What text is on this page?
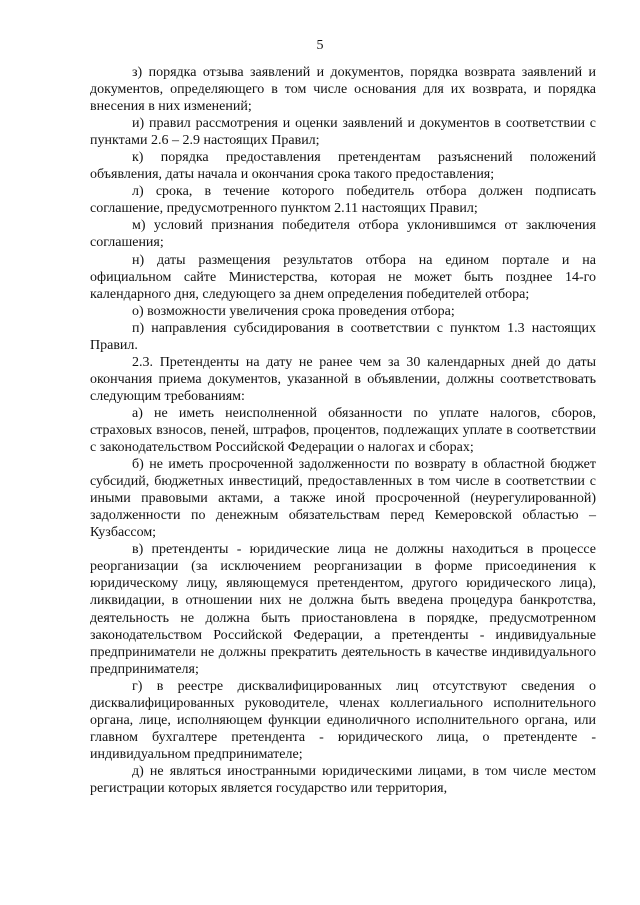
5

з) порядка отзыва заявлений и документов, порядка возврата заявлений и документов, определяющего в том числе основания для их возврата, и порядка внесения в них изменений;

и) правил рассмотрения и оценки заявлений и документов в соответствии с пунктами 2.6 – 2.9 настоящих Правил;

к) порядка предоставления претендентам разъяснений положений объявления, даты начала и окончания срока такого предоставления;

л) срока, в течение которого победитель отбора должен подписать соглашение, предусмотренного пунктом 2.11 настоящих Правил;

м) условий признания победителя отбора уклонившимся от заключения соглашения;

н) даты размещения результатов отбора на едином портале и на официальном сайте Министерства, которая не может быть позднее 14-го календарного дня, следующего за днем определения победителей отбора;

о) возможности увеличения срока проведения отбора;

п) направления субсидирования в соответствии с пунктом 1.3 настоящих Правил.

2.3. Претенденты на дату не ранее чем за 30 календарных дней до даты окончания приема документов, указанной в объявлении, должны соответствовать следующим требованиям:

а) не иметь неисполненной обязанности по уплате налогов, сборов, страховых взносов, пеней, штрафов, процентов, подлежащих уплате в соответствии с законодательством Российской Федерации о налогах и сборах;

б) не иметь просроченной задолженности по возврату в областной бюджет субсидий, бюджетных инвестиций, предоставленных в том числе в соответствии с иными правовыми актами, а также иной просроченной (неурегулированной) задолженности по денежным обязательствам перед Кемеровской областью – Кузбассом;

в) претенденты - юридические лица не должны находиться в процессе реорганизации (за исключением реорганизации в форме присоединения к юридическому лицу, являющемуся претендентом, другого юридического лица), ликвидации, в отношении них не должна быть введена процедура банкротства, деятельность не должна быть приостановлена в порядке, предусмотренном законодательством Российской Федерации, а претенденты - индивидуальные предприниматели не должны прекратить деятельность в качестве индивидуального предпринимателя;

г) в реестре дисквалифицированных лиц отсутствуют сведения о дисквалифицированных руководителе, членах коллегиального исполнительного органа, лице, исполняющем функции единоличного исполнительного органа, или главном бухгалтере претендента - юридического лица, о претенденте - индивидуальном предпринимателе;

д) не являться иностранными юридическими лицами, в том числе местом регистрации которых является государство или территория,
